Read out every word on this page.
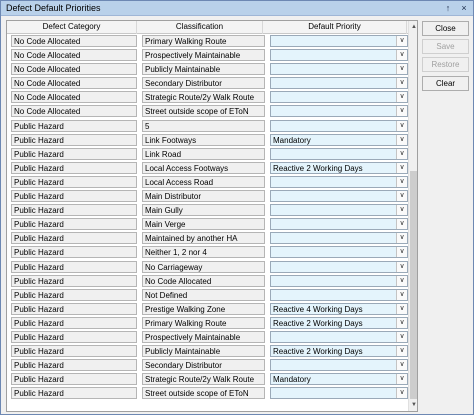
Defect Default Priorities	↑	×
Defect Category	Classification	Default Priority
No Code Allocated	Primary Walking Route	∨
No Code Allocated	Prospectively Maintainable	∨
No Code Allocated	Publicly Maintainable	∨
No Code Allocated	Secondary Distributor	∨
No Code Allocated	Strategic Route/2y Walk Route	∨
No Code Allocated	Street outside scope of EToN	∨
Public Hazard	5	∨
Public Hazard	Link Footways	Mandatory	∨
Public Hazard	Link Road	∨
Public Hazard	Local Access Footways	Reactive 2 Working Days	∨
Public Hazard	Local Access Road	∨
Public Hazard	Main Distributor	∨
Public Hazard	Main Gully	∨
Public Hazard	Main Verge	∨
Public Hazard	Maintained by another HA	∨
Public Hazard	Neither 1, 2 nor 4	∨
Public Hazard	No Carriageway	∨
Public Hazard	No Code Allocated	∨
Public Hazard	Not Defined	∨
Public Hazard	Prestige Walking Zone	Reactive 4 Working Days	∨
Public Hazard	Primary Walking Route	Reactive 2 Working Days	∨
Public Hazard	Prospectively Maintainable	∨
Public Hazard	Publicly Maintainable	Reactive 2 Working Days	∨
Public Hazard	Secondary Distributor	∨
Public Hazard	Strategic Route/2y Walk Route	Mandatory	∨
Public Hazard	Street outside scope of EToN	∨
▲
▼
Close
Save
Restore
Clear
